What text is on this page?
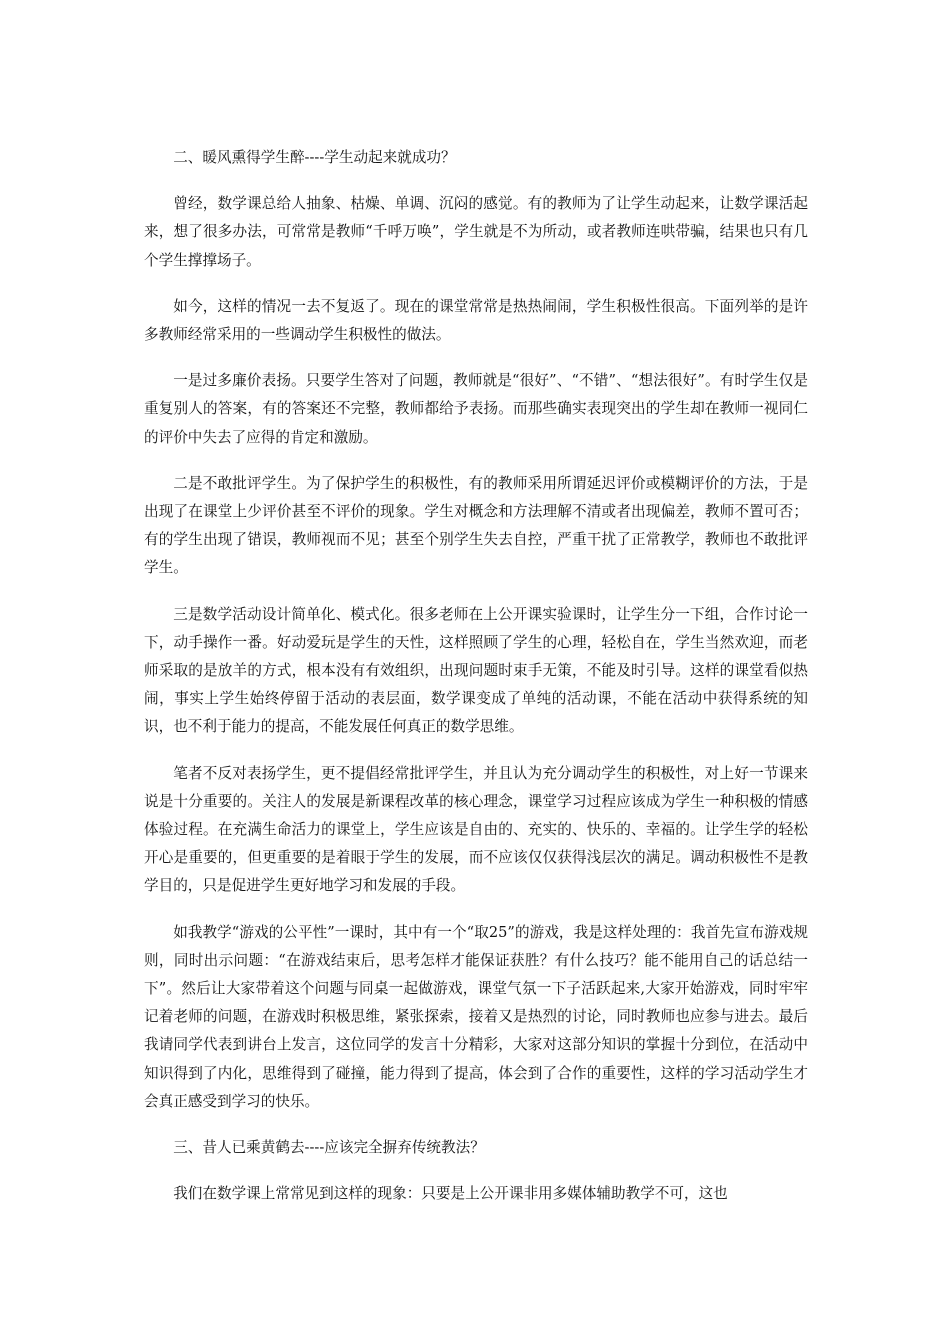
二、暖风熏得学生醉----学生动起来就成功？

曾经，数学课总给人抽象、枯燥、单调、沉闷的感觉。有的教师为了让学生动起来，让数学课活起来，想了很多办法，可常常是教师“千呼万唤”，学生就是不为所动，或者教师连哄带骗，结果也只有几个学生撑撑场子。

如今，这样的情况一去不复返了。现在的课堂常常是热热闹闹，学生积极性很高。下面列举的是许多教师经常采用的一些调动学生积极性的做法。

一是过多廉价表扬。只要学生答对了问题，教师就是“很好”、“不错”、“想法很好”。有时学生仅是重复别人的答案，有的答案还不完整，教师都给予表扬。而那些确实表现突出的学生却在教师一视同仁的评价中失去了应得的肯定和激励。

二是不敢批评学生。为了保护学生的积极性，有的教师采用所谓延迟评价或模糊评价的方法，于是出现了在课堂上少评价甚至不评价的现象。学生对概念和方法理解不清或者出现偏差，教师不置可否；有的学生出现了错误，教师视而不见；甚至个别学生失去自控，严重干扰了正常教学，教师也不敢批评学生。

三是数学活动设计简单化、模式化。很多老师在上公开课实验课时，让学生分一下组，合作讨论一下，动手操作一番。好动爱玩是学生的天性，这样照顾了学生的心理，轻松自在，学生当然欢迎，而老师采取的是放羊的方式，根本没有有效组织，出现问题时束手无策，不能及时引导。这样的课堂看似热闹，事实上学生始终停留于活动的表层面，数学课变成了单纯的活动课，不能在活动中获得系统的知识，也不利于能力的提高，不能发展任何真正的数学思维。

笔者不反对表扬学生，更不提倡经常批评学生，并且认为充分调动学生的积极性，对上好一节课来说是十分重要的。关注人的发展是新课程改革的核心理念，课堂学习过程应该成为学生一种积极的情感体验过程。在充满生命活力的课堂上，学生应该是自由的、充实的、快乐的、幸福的。让学生学的轻松开心是重要的，但更重要的是着眼于学生的发展，而不应该仅仅获得浅层次的满足。调动积极性不是教学目的，只是促进学生更好地学习和发展的手段。

如我教学“游戏的公平性”一课时，其中有一个“取25”的游戏，我是这样处理的：我首先宣布游戏规则，同时出示问题：“在游戏结束后，思考怎样才能保证获胜？有什么技巧？能不能用自己的话总结一下”。然后让大家带着这个问题与同桌一起做游戏，课堂气氛一下子活跃起来,大家开始游戏，同时牢牢记着老师的问题，在游戏时积极思维，紧张探索，接着又是热烈的讨论，同时教师也应参与进去。最后我请同学代表到讲台上发言，这位同学的发言十分精彩，大家对这部分知识的掌握十分到位，在活动中知识得到了内化，思维得到了碰撞，能力得到了提高，体会到了合作的重要性，这样的学习活动学生才会真正感受到学习的快乐。

三、昔人已乘黄鹤去----应该完全摒弃传统教法？

我们在数学课上常常见到这样的现象：只要是上公开课非用多媒体辅助教学不可，这也
